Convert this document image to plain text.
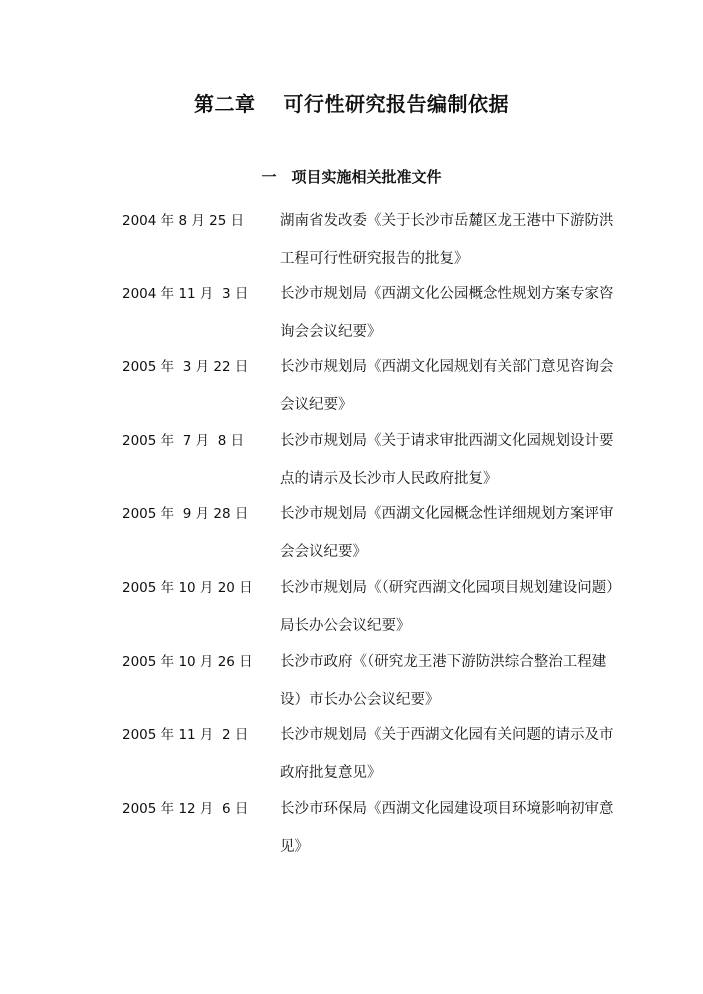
第二章　 可行性研究报告编制依据
一　项目实施相关批准文件
2004 年 8 月 25 日 湖南省发改委《关于长沙市岳麓区龙王港中下游防洪工程可行性研究报告的批复》
2004 年 11 月  3 日 长沙市规划局《西湖文化公园概念性规划方案专家咨询会会议纪要》
2005 年  3 月 22 日 长沙市规划局《西湖文化园规划有关部门意见咨询会会议纪要》
2005 年  7 月  8 日 长沙市规划局《关于请求审批西湖文化园规划设计要点的请示及长沙市人民政府批复》
2005 年  9 月 28 日 长沙市规划局《西湖文化园概念性详细规划方案评审会会议纪要》
2005 年 10 月 20 日 长沙市规划局《（研究西湖文化园项目规划建设问题）局长办公会议纪要》
2005 年 10 月 26 日 长沙市政府《（研究龙王港下游防洪综合整治工程建设）市长办公会议纪要》
2005 年 11 月  2 日 长沙市规划局《关于西湖文化园有关问题的请示及市政府批复意见》
2005 年 12 月  6 日 长沙市环保局《西湖文化园建设项目环境影响初审意见》
